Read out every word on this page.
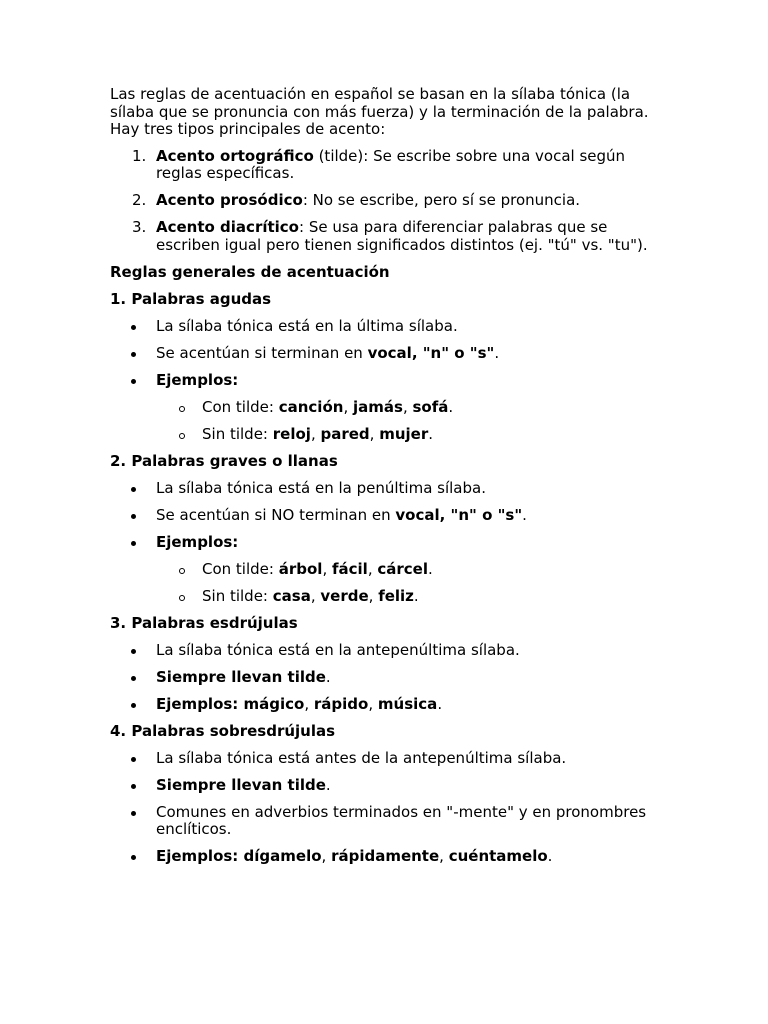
Las reglas de acentuación en español se basan en la sílaba tónica (la sílaba que se pronuncia con más fuerza) y la terminación de la palabra. Hay tres tipos principales de acento:

1. Acento ortográfico (tilde): Se escribe sobre una vocal según reglas específicas.
2. Acento prosódico: No se escribe, pero sí se pronuncia.
3. Acento diacrítico: Se usa para diferenciar palabras que se escriben igual pero tienen significados distintos (ej. "tú" vs. "tu").

Reglas generales de acentuación

1. Palabras agudas

La sílaba tónica está en la última sílaba.
Se acentúan si terminan en vocal, "n" o "s".
Ejemplos:
Con tilde: canción, jamás, sofá.
Sin tilde: reloj, pared, mujer.

2. Palabras graves o llanas

La sílaba tónica está en la penúltima sílaba.
Se acentúan si NO terminan en vocal, "n" o "s".
Ejemplos:
Con tilde: árbol, fácil, cárcel.
Sin tilde: casa, verde, feliz.

3. Palabras esdrújulas

La sílaba tónica está en la antepenúltima sílaba.
Siempre llevan tilde.
Ejemplos: mágico, rápido, música.

4. Palabras sobresdrújulas

La sílaba tónica está antes de la antepenúltima sílaba.
Siempre llevan tilde.
Comunes en adverbios terminados en "-mente" y en pronombres enclíticos.
Ejemplos: dígamelo, rápidamente, cuéntamelo.
